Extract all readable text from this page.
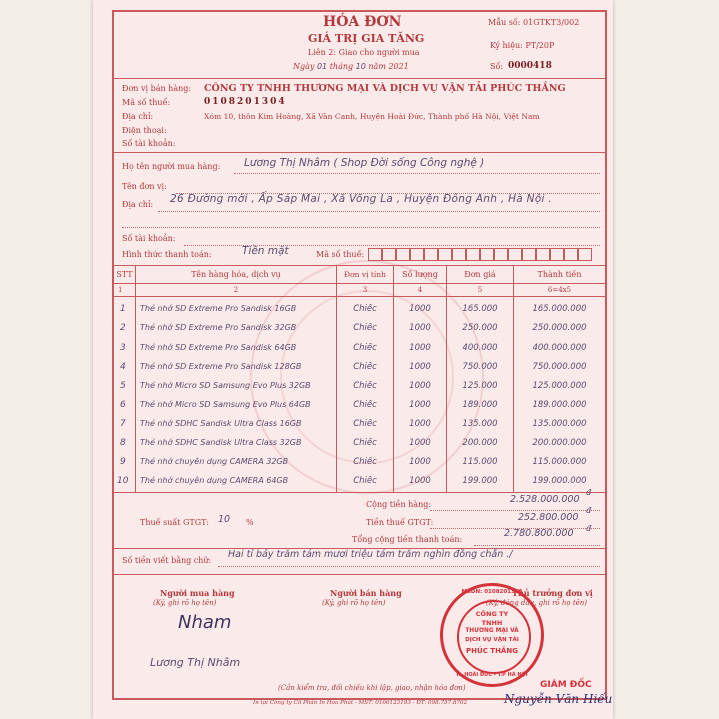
HÓA ĐƠN
GIÁ TRỊ GIA TĂNG
Liên 2: Giao cho người mua
Ngày 01 tháng 10 năm 2021
Mẫu số: 01GTKT3/002
Ký hiệu: PT/20P
Số: 0000418
Đơn vị bán hàng: CÔNG TY TNHH THƯƠNG MẠI VÀ DỊCH VỤ VẬN TẢI PHÚC THẮNG
Mã số thuế:	0108201304
Địa chỉ:	Xóm 10, thôn Kim Hoàng, Xã Vân Canh, Huyện Hoài Đức, Thành phố Hà Nội, Việt Nam
Điện thoại:
Số tài khoản:
Họ tên người mua hàng: Lương Thị Nhâm ( Shop Đời sống Công nghệ )
Tên đơn vị:
Địa chỉ: 26 Đường mới , Ấp Sáp Mai , Xã Võng La , Huyện Đông Anh , Hà Nội .
Số tài khoản:
Hình thức thanh toán:	Tiền mặt	Mã số thuế:
STT	Tên hàng hóa, dịch vụ	Đơn vị tính	Số lượng	Đơn giá	Thành tiền
1	2	3	4	5	6=4x5
1	Thẻ nhớ SD Extreme Pro Sandisk 16GB	Chiếc	1000	165.000	165.000.000
2	Thẻ nhớ SD Extreme Pro Sandisk 32GB	Chiếc	1000	250.000	250.000.000
3	Thẻ nhớ SD Extreme Pro Sandisk 64GB	Chiếc	1000	400.000	400.000.000
4	Thẻ nhớ SD Extreme Pro Sandisk 128GB	Chiếc	1000	750.000	750.000.000
5	Thẻ nhớ Micro SD Samsung Evo Plus 32GB	Chiếc	1000	125.000	125.000.000
6	Thẻ nhớ Micro SD Samsung Evo Plus 64GB	Chiếc	1000	189.000	189.000.000
7	Thẻ nhớ SDHC Sandisk Ultra Class 16GB	Chiếc	1000	135.000	135.000.000
8	Thẻ nhớ SDHC Sandisk Ultra Class 32GB	Chiếc	1000	200.000	200.000.000
9	Thẻ nhớ chuyên dụng CAMERA 32GB	Chiếc	1000	115.000	115.000.000
10	Thẻ nhớ chuyên dụng CAMERA 64GB	Chiếc	1000	199.000	199.000.000
Cộng tiền hàng:	2.528.000.000
đ
Thuế suất GTGT: 10 %	Tiền thuế GTGT:	252.800.000
đ
Tổng cộng tiền thanh toán:
2.780.800.000 đ
Số tiền viết bằng chữ:
Hai tỉ bảy trăm tám mươi triệu tám trăm nghìn đồng chẵn ./
Người mua hàng
(Ký, ghi rõ họ tên)
Nham
Lương Thị Nhâm
Người bán hàng
(Ký, ghi rõ họ tên)
Thủ trưởng đơn vị
(Ký, đóng dấu, ghi rõ họ tên)
MSDN: 0108201304
CÔNG TY
TNHH
THƯƠNG MẠI VÀ
DỊCH VỤ VẬN TẢI
PHÚC THẮNG
H. HOÀI ĐỨC - T.P HÀ NỘI
GIÁM ĐỐC
Nguyễn Văn Hiếu
(Cần kiểm tra, đối chiếu khi lập, giao, nhận hóa đơn)
In tại Công ty Cổ Phần In Hoa Phát - MST: 0106123193 - ĐT: 098.757.8702
